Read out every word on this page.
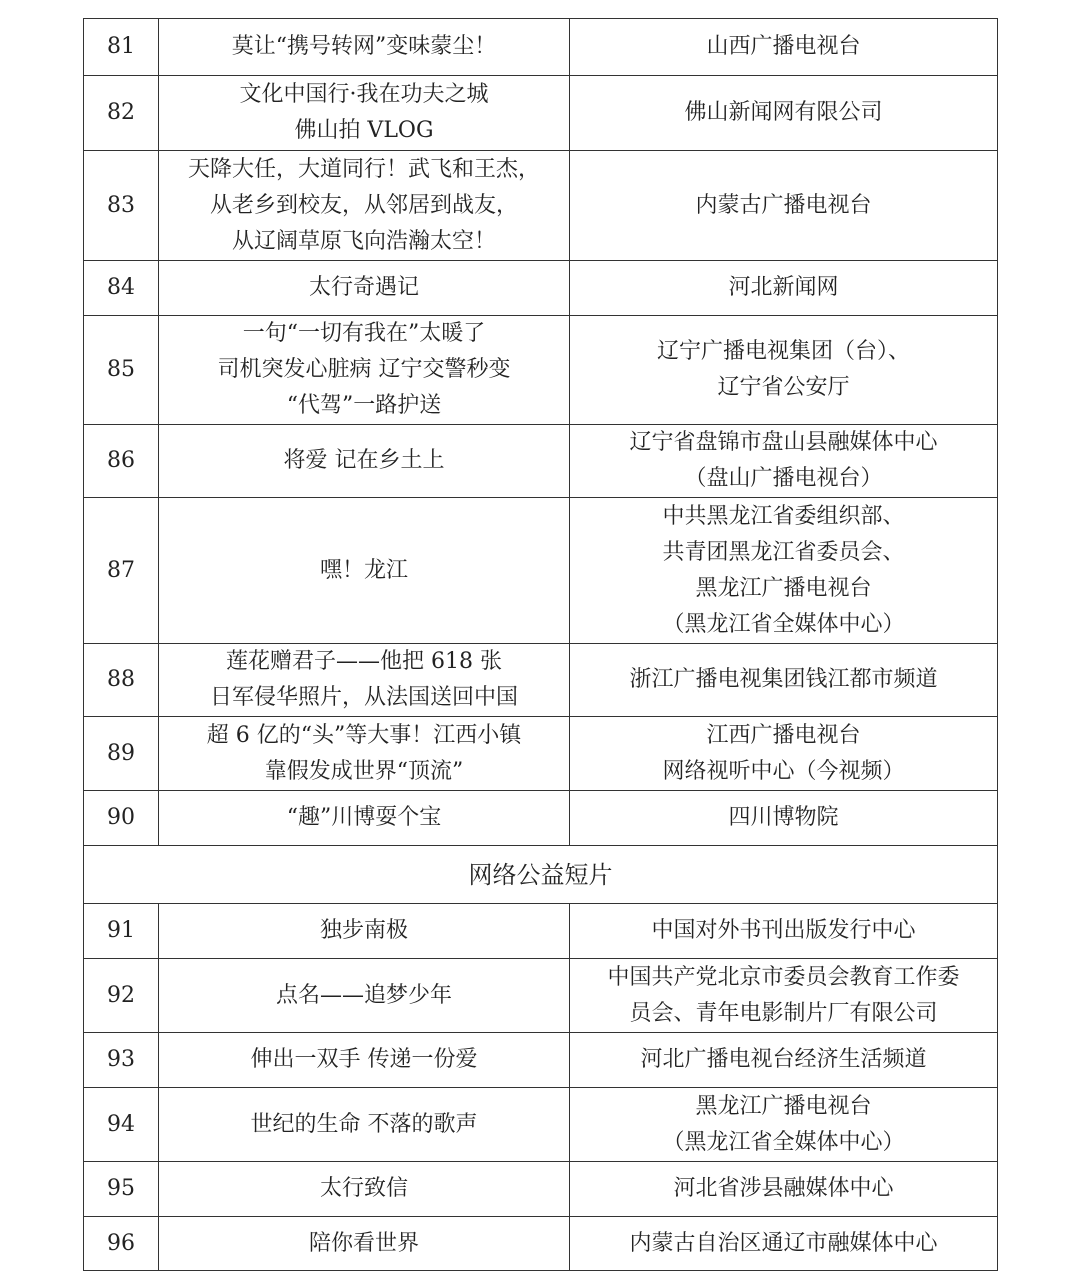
81	莫让“携号转网”变味蒙尘！	山西广播电视台

82	文化中国行·我在功夫之城
佛山拍 VLOG	佛山新闻网有限公司

83	天降大任，大道同行！武飞和王杰，
从老乡到校友，从邻居到战友，
从辽阔草原飞向浩瀚太空！	内蒙古广播电视台

84	太行奇遇记	河北新闻网

85	一句“一切有我在”太暖了
司机突发心脏病 辽宁交警秒变
“代驾”一路护送	辽宁广播电视集团（台）、
辽宁省公安厅

86	将爱 记在乡土上	辽宁省盘锦市盘山县融媒体中心
（盘山广播电视台）

87	嘿！龙江	中共黑龙江省委组织部、
共青团黑龙江省委员会、
黑龙江广播电视台
（黑龙江省全媒体中心）

88	莲花赠君子——他把 618 张
日军侵华照片，从法国送回中国	浙江广播电视集团钱江都市频道

89	超 6 亿的“头”等大事！江西小镇
靠假发成世界“顶流”	江西广播电视台
网络视听中心（今视频）

90	“趣”川博耍个宝	四川博物院

网络公益短片		
91	独步南极	中国对外书刊出版发行中心

92	点名——追梦少年	中国共产党北京市委员会教育工作委
员会、青年电影制片厂有限公司

93	伸出一双手 传递一份爱	河北广播电视台经济生活频道

94	世纪的生命 不落的歌声	黑龙江广播电视台
（黑龙江省全媒体中心）

95	太行致信	河北省涉县融媒体中心

96	陪你看世界	内蒙古自治区通辽市融媒体中心
